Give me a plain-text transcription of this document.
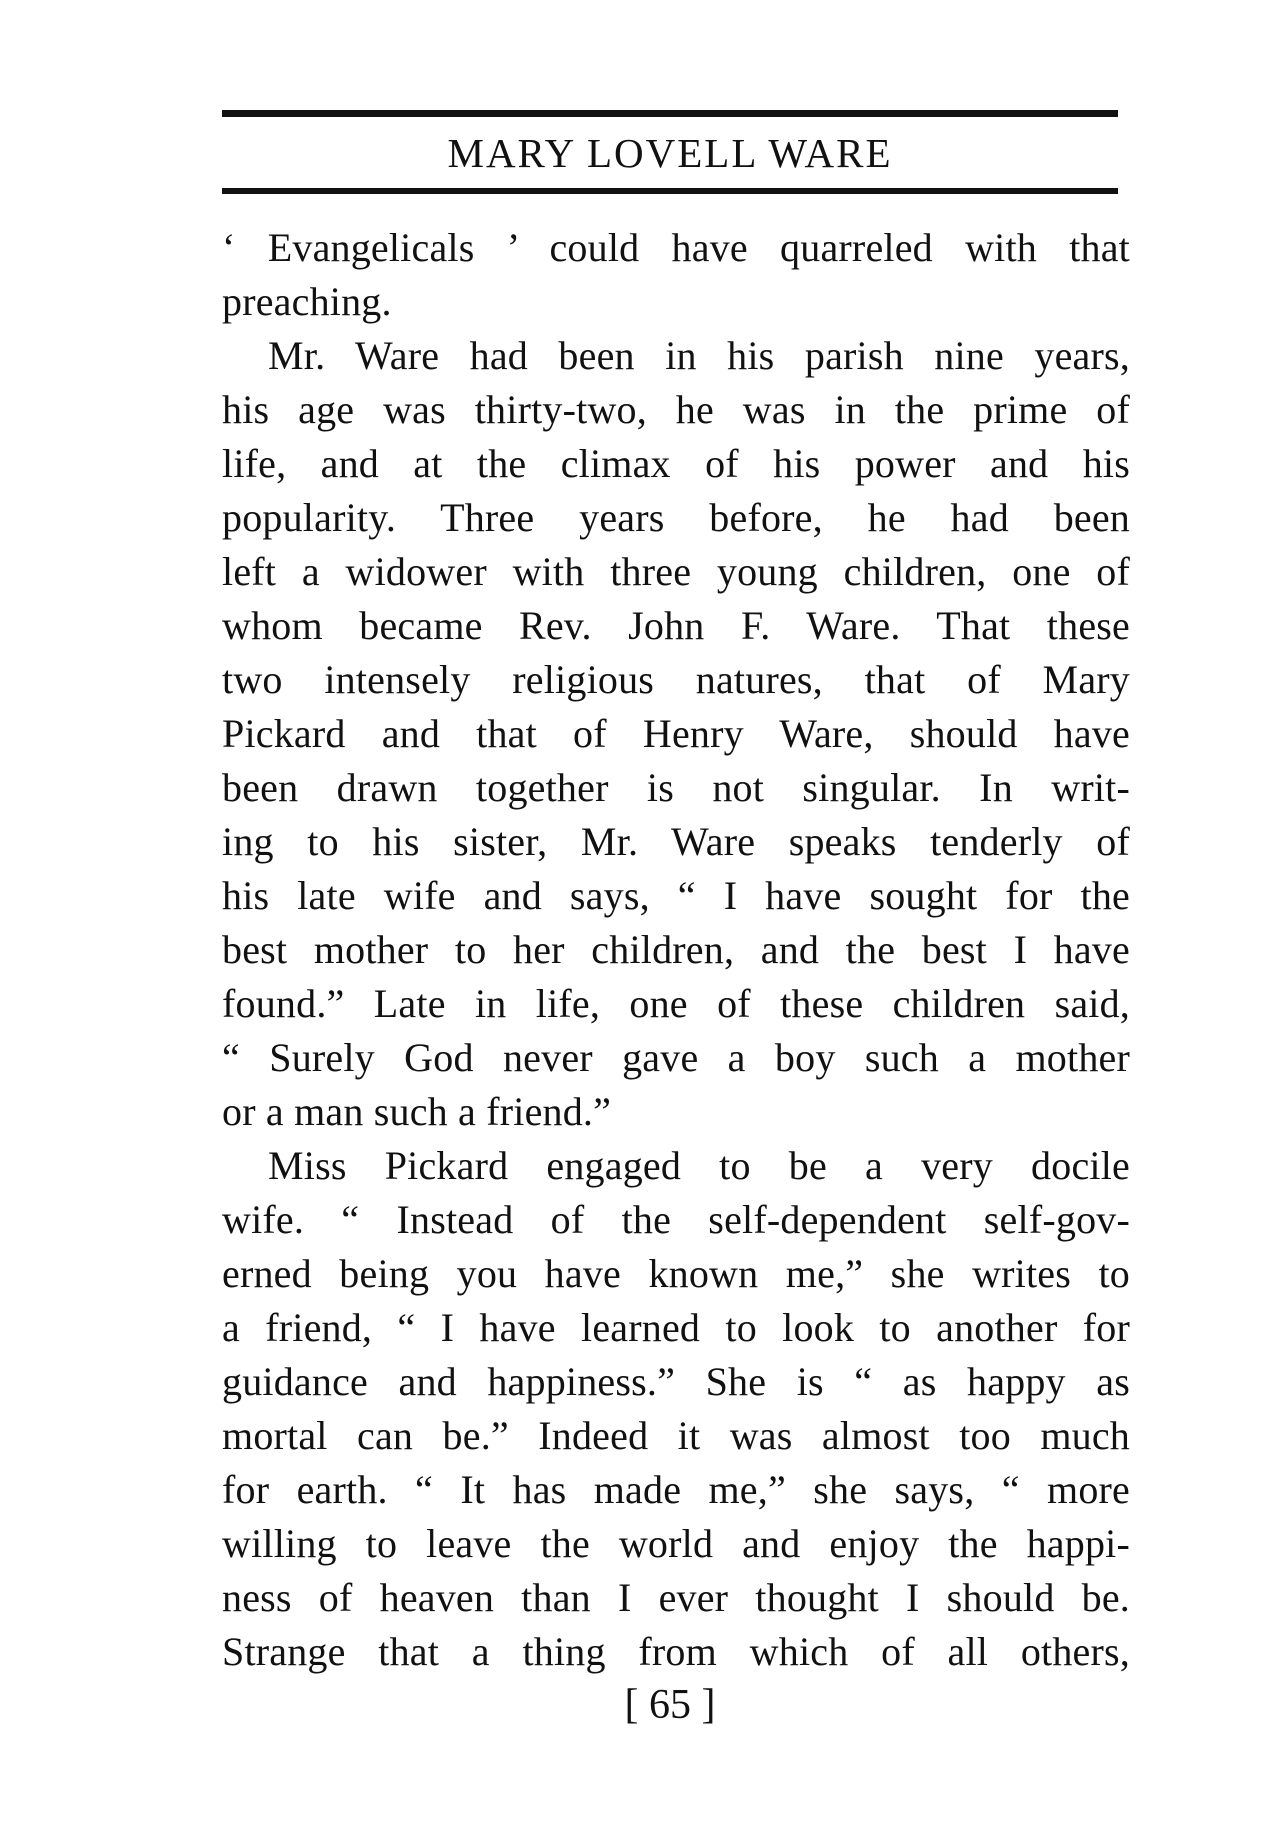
MARY LOVELL WARE
‘ Evangelicals ’ could have quarreled with that
preaching.
Mr. Ware had been in his parish nine years,
his age was thirty-two, he was in the prime of
life, and at the climax of his power and his
popularity. Three years before, he had been
left a widower with three young children, one of
whom became Rev. John F. Ware. That these
two intensely religious natures, that of Mary
Pickard and that of Henry Ware, should have
been drawn together is not singular. In writ-
ing to his sister, Mr. Ware speaks tenderly of
his late wife and says, “ I have sought for the
best mother to her children, and the best I have
found.” Late in life, one of these children said,
“ Surely God never gave a boy such a mother
or a man such a friend.”
Miss Pickard engaged to be a very docile
wife. “ Instead of the self-dependent self-gov-
erned being you have known me,” she writes to
a friend, “ I have learned to look to another for
guidance and happiness.” She is “ as happy as
mortal can be.” Indeed it was almost too much
for earth. “ It has made me,” she says, “ more
willing to leave the world and enjoy the happi-
ness of heaven than I ever thought I should be.
Strange that a thing from which of all others,
[ 65 ]
